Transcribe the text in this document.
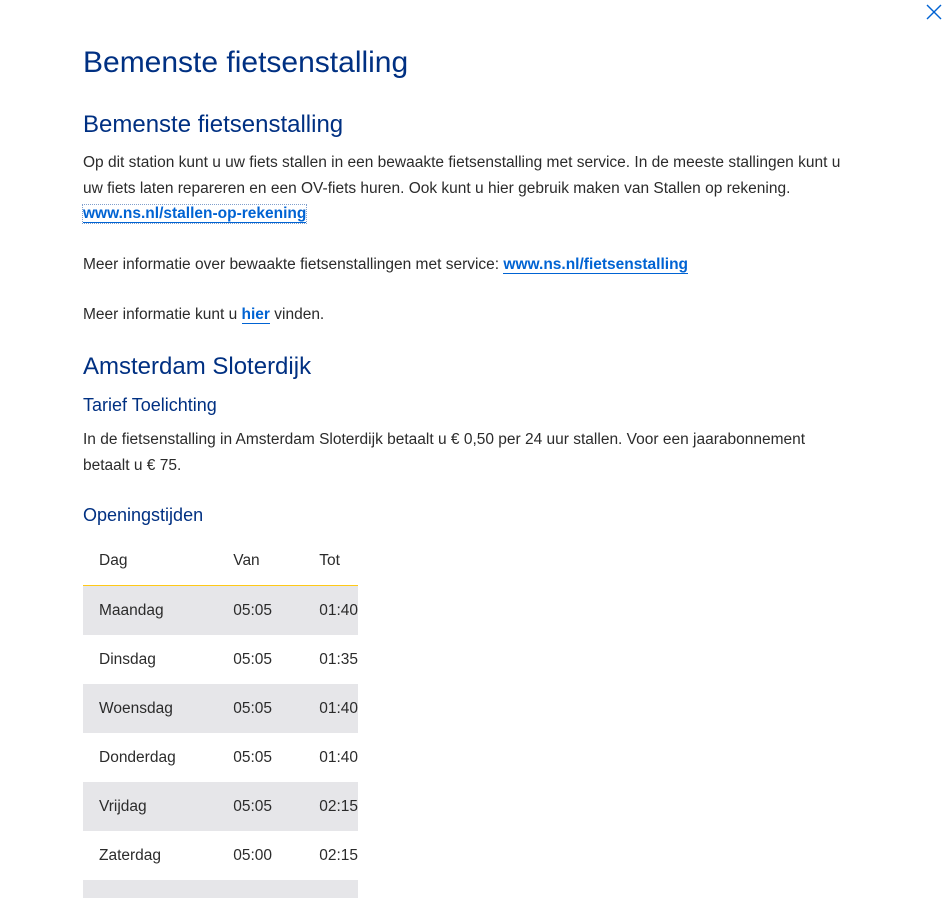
Bemenste fietsenstalling
Bemenste fietsenstalling

Op dit station kunt u uw fiets stallen in een bewaakte fietsenstalling met service. In de meeste stallingen kunt u uw fiets laten repareren en een OV-fiets huren. Ook kunt u hier gebruik maken van Stallen op rekening. www.ns.nl/stallen-op-rekening

Meer informatie over bewaakte fietsenstallingen met service: www.ns.nl/fietsenstalling

Meer informatie kunt u hier vinden.

Amsterdam Sloterdijk
Tarief Toelichting

In de fietsenstalling in Amsterdam Sloterdijk betaalt u € 0,50 per 24 uur stallen. Voor een jaarabonnement betaalt u € 75.

Openingstijden
Dag	Van	Tot
Maandag	05:05	01:40
Dinsdag	05:05	01:35
Woensdag	05:05	01:40
Donderdag	05:05	01:40
Vrijdag	05:05	02:15
Zaterdag	05:00	02:15
